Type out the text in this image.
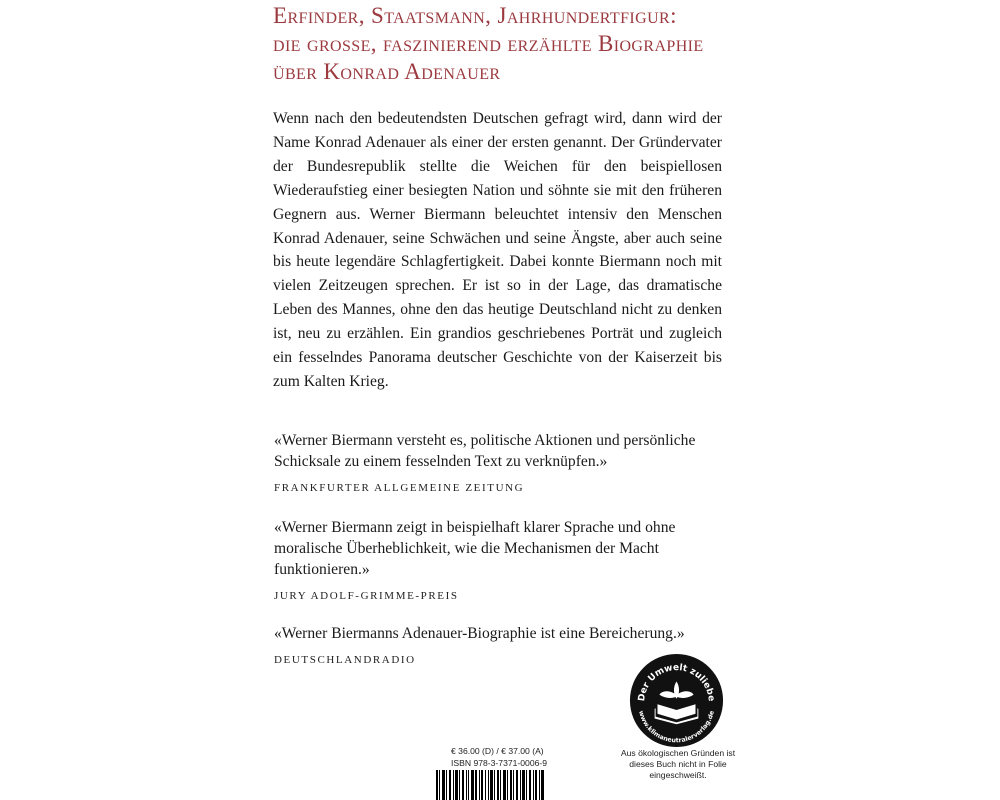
Erfinder, Staatsmann, Jahrhundertfigur:
die grosse, faszinierend erzählte Biographie über Konrad Adenauer
Wenn nach den bedeutendsten Deutschen gefragt wird, dann wird der Name Konrad Adenauer als einer der ersten genannt. Der Gründervater der Bundesrepublik stellte die Weichen für den beispiellosen Wiederaufstieg einer besiegten Nation und söhnte sie mit den früheren Gegnern aus. Werner Biermann beleuchtet intensiv den Menschen Konrad Adenauer, seine Schwächen und seine Ängste, aber auch seine bis heute legendäre Schlagfertigkeit. Dabei konnte Biermann noch mit vielen Zeitzeugen sprechen. Er ist so in der Lage, das dramatische Leben des Mannes, ohne den das heutige Deutschland nicht zu denken ist, neu zu erzählen. Ein grandios geschriebenes Porträt und zugleich ein fesselndes Panorama deutscher Geschichte von der Kaiserzeit bis zum Kalten Krieg.
«Werner Biermann versteht es, politische Aktionen und persönliche Schicksale zu einem fesselnden Text zu verknüpfen.»
FRANKFURTER ALLGEMEINE ZEITUNG
«Werner Biermann zeigt in beispielhaft klarer Sprache und ohne moralische Überheblichkeit, wie die Mechanismen der Macht funktionieren.»
JURY ADOLF-GRIMME-PREIS
«Werner Biermanns Adenauer-Biographie ist eine Bereicherung.»
DEUTSCHLANDRADIO
€ 36.00 (D) / € 37.00 (A)
ISBN 978-3-7371-0006-9
Der Umwelt zuliebe
www.klimaneutralerverlag.de
Aus ökologischen Gründen ist dieses Buch nicht in Folie eingeschweißt.
